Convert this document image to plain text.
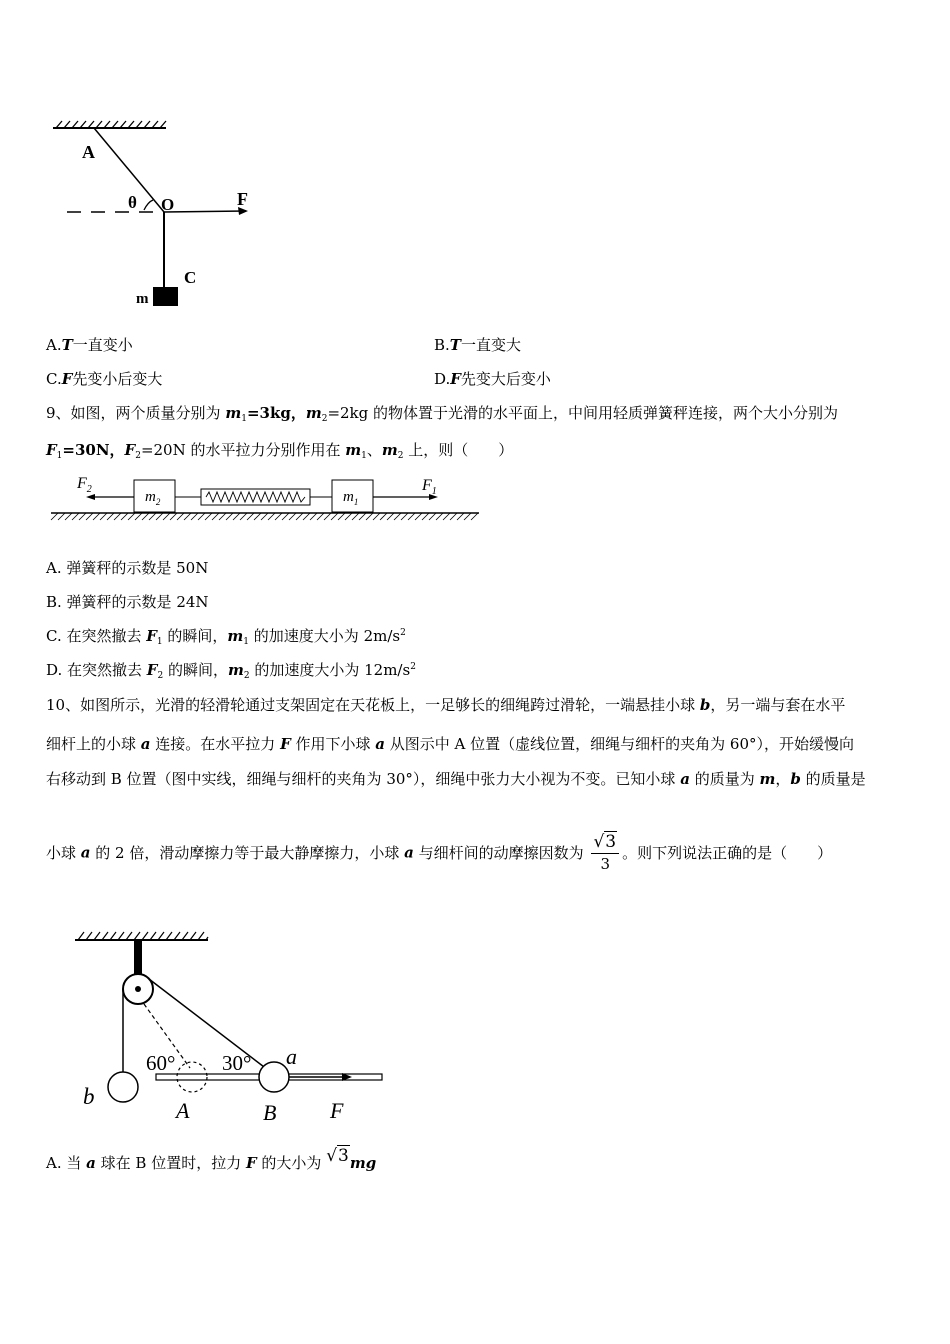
A
θ O	F
C
m
A.T一直变小	B.T一直变大
C.F先变小后变大	D.F先变大后变小
9、如图，两个质量分别为 $m_1=3kg$，$m_2=2kg$ 的物体置于光滑的水平面上，中间用轻质弹簧秤连接，两个大小分别为
$F_1=30N$，$F_2=20N$ 的水平拉力分别作用在 $m_1$、$m_2$ 上，则（　　）
$F_2$	$m_2$	$m_1$
$F_1$
A. 弹簧秤的示数是 50N
B. 弹簧秤的示数是 24N
C. 在突然撤去 $F_1$ 的瞬间，$m_1$ 的加速度大小为 $2m/s^2$
D. 在突然撤去 $F_2$ 的瞬间，$m_2$ 的加速度大小为 $12m/s^2$
10、如图所示，光滑的轻滑轮通过支架固定在天花板上，一足够长的细绳跨过滑轮，一端悬挂小球 b，另一端与套在水平
细杆上的小球 a 连接。在水平拉力 F 作用下小球 a 从图示中 A 位置（虚线位置，细绳与细杆的夹角为 60°），开始缓慢向
右移动到 B 位置（图中实线，细绳与细杆的夹角为 30°），细绳中张力大小视为不变。已知小球 a 的质量为 m，b 的质量是
小球 a 的 2 倍，滑动摩擦力等于最大静摩擦力，小球 a 与细杆间的动摩擦因数为 $\frac{√3}{3}$ 。则下列说法正确的是（　　）
60° 30° a
b
A	B F
A. 当 a 球在 B 位置时，拉力 F 的大小为 √3mg
